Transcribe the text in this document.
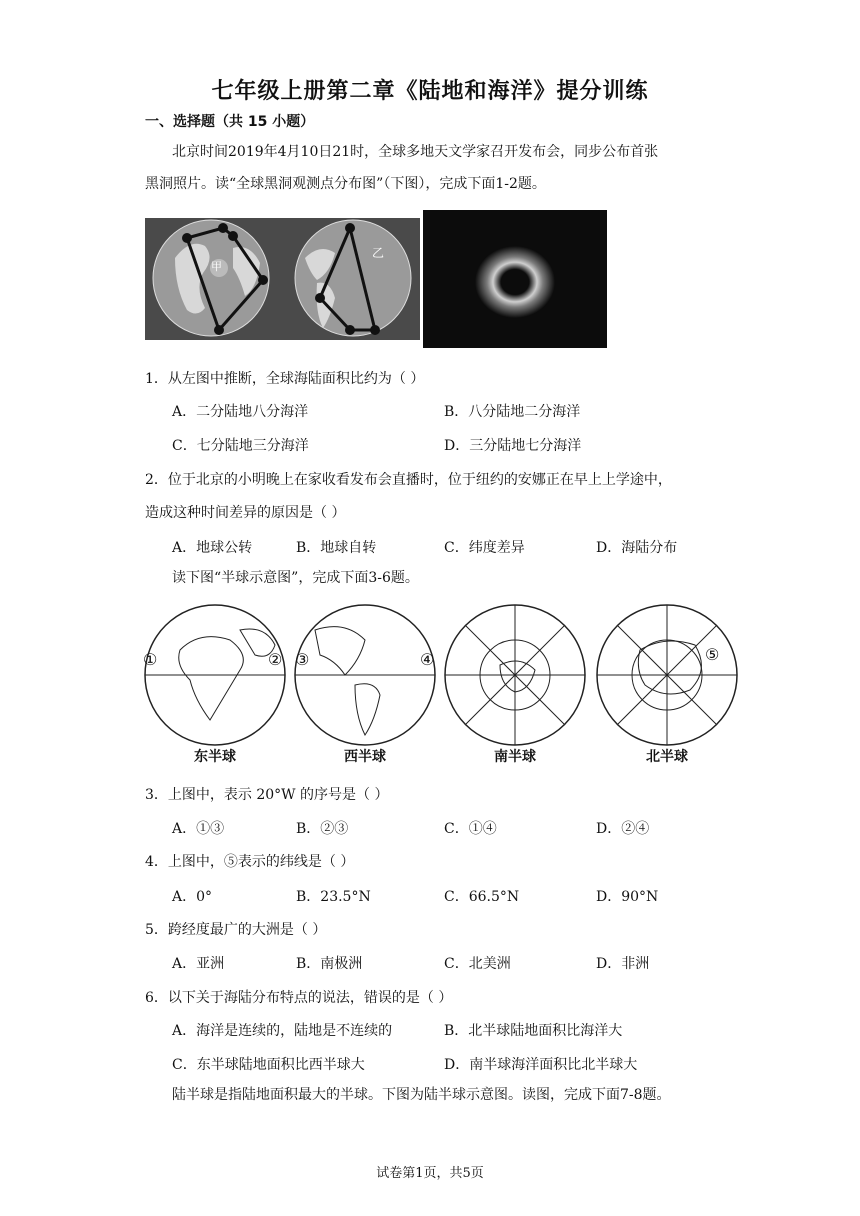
七年级上册第二章《陆地和海洋》提分训练
一、选择题（共 15 小题）
北京时间2019年4月10日21时，全球多地天文学家召开发布会，同步公布首张
黑洞照片。读“全球黑洞观测点分布图”（下图），完成下面1-2题。
甲
乙
1．从左图中推断，全球海陆面积比约为（ ）
A．二分陆地八分海洋	B．八分陆地二分海洋
C．七分陆地三分海洋	D．三分陆地七分海洋
2．位于北京的小明晚上在家收看发布会直播时，位于纽约的安娜正在早上上学途中，
造成这种时间差异的原因是（ ）
A．地球公转	B．地球自转	C．纬度差异	D．海陆分布
读下图“半球示意图”，完成下面3-6题。
①	② ③	④	⑤
东半球	西半球	南半球	北半球
3．上图中，表示 20°W 的序号是（ ）
A．①③	B．②③	C．①④	D．②④
4．上图中，⑤表示的纬线是（ ）
A．0°	B．23.5°N	C．66.5°N	D．90°N
5．跨经度最广的大洲是（ ）
A．亚洲	B．南极洲	C．北美洲	D．非洲
6．以下关于海陆分布特点的说法，错误的是（ ）
A．海洋是连续的，陆地是不连续的	B．北半球陆地面积比海洋大
C．东半球陆地面积比西半球大	D．南半球海洋面积比北半球大
陆半球是指陆地面积最大的半球。下图为陆半球示意图。读图，完成下面7-8题。
试卷第1页，共5页
